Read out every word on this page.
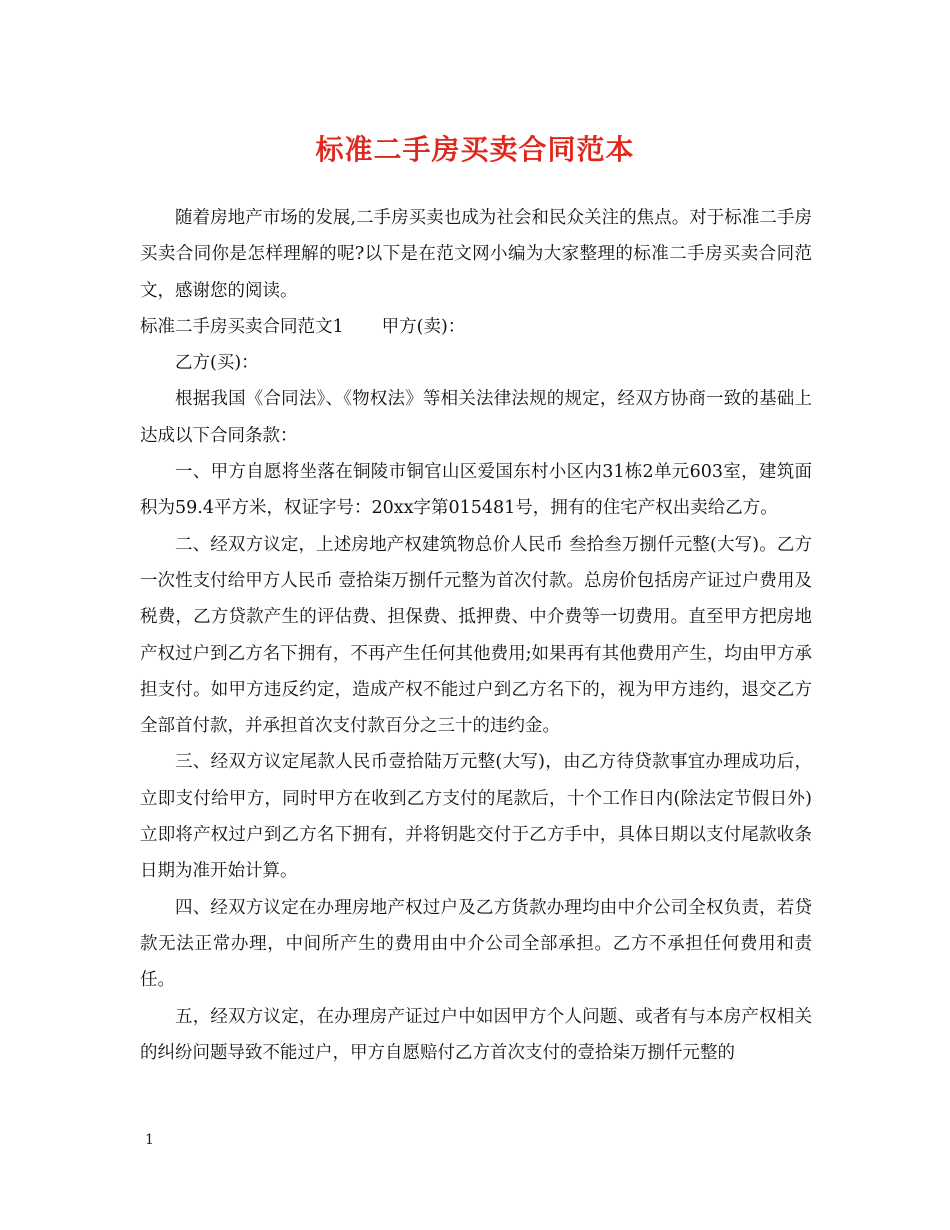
标准二手房买卖合同范本

随着房地产市场的发展,二手房买卖也成为社会和民众关注的焦点。对于标准二手房买卖合同你是怎样理解的呢?以下是在范文网小编为大家整理的标准二手房买卖合同范文，感谢您的阅读。

标准二手房买卖合同范文1 甲方(卖)：

乙方(买)：

根据我国《合同法》、《物权法》等相关法律法规的规定，经双方协商一致的基础上达成以下合同条款：

一、甲方自愿将坐落在铜陵市铜官山区爱国东村小区内31栋2单元603室，建筑面积为59.4平方米，权证字号：20xx字第015481号，拥有的住宅产权出卖给乙方。

二、经双方议定，上述房地产权建筑物总价人民币 叁拾叁万捌仟元整(大写)。乙方一次性支付给甲方人民币 壹拾柒万捌仟元整为首次付款。总房价包括房产证过户费用及税费，乙方贷款产生的评估费、担保费、抵押费、中介费等一切费用。直至甲方把房地产权过户到乙方名下拥有，不再产生任何其他费用;如果再有其他费用产生，均由甲方承担支付。如甲方违反约定，造成产权不能过户到乙方名下的，视为甲方违约，退交乙方全部首付款，并承担首次支付款百分之三十的违约金。

三、经双方议定尾款人民币壹拾陆万元整(大写)，由乙方待贷款事宜办理成功后，立即支付给甲方，同时甲方在收到乙方支付的尾款后，十个工作日内(除法定节假日外)立即将产权过户到乙方名下拥有，并将钥匙交付于乙方手中，具体日期以支付尾款收条日期为准开始计算。

四、经双方议定在办理房地产权过户及乙方货款办理均由中介公司全权负责，若贷款无法正常办理，中间所产生的费用由中介公司全部承担。乙方不承担任何费用和责任。

五，经双方议定，在办理房产证过户中如因甲方个人问题、或者有与本房产权相关的纠纷问题导致不能过户，甲方自愿赔付乙方首次支付的壹拾柒万捌仟元整的

1
